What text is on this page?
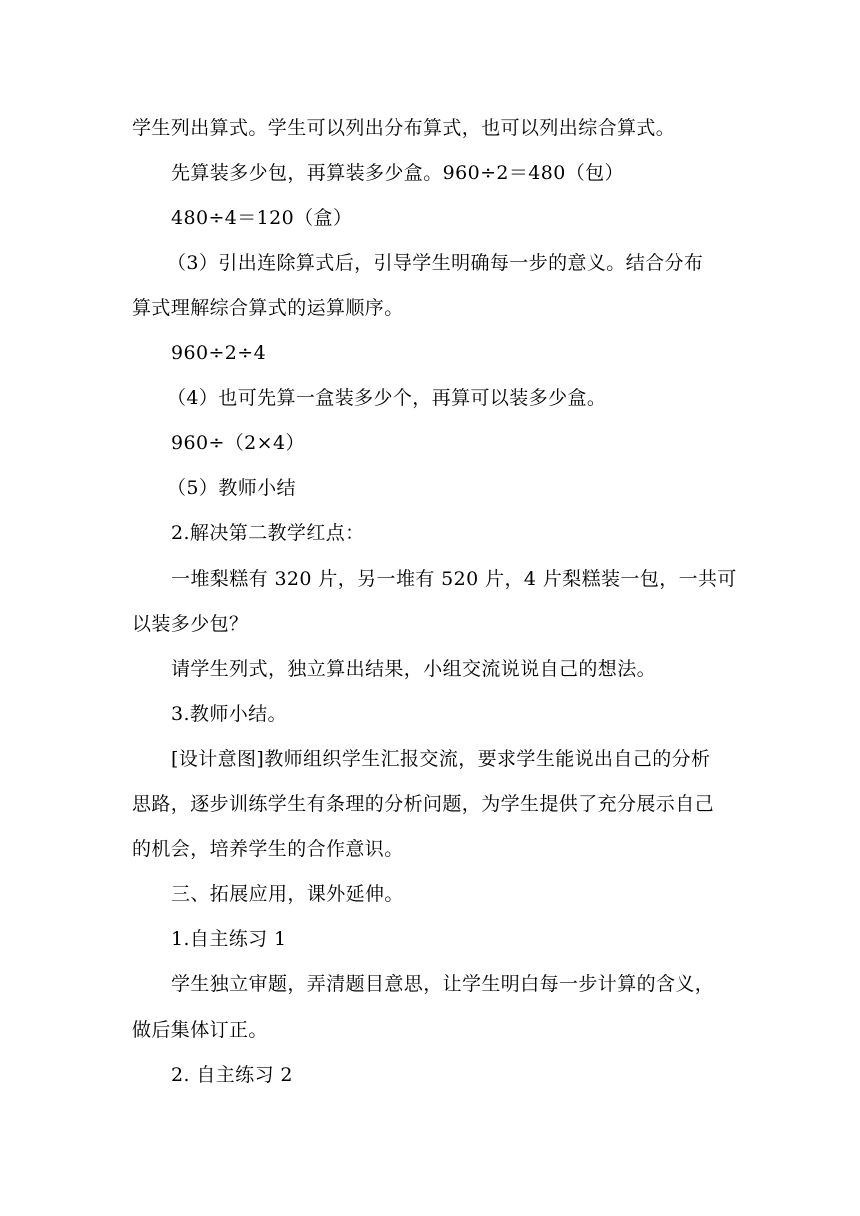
学生列出算式。学生可以列出分布算式，也可以列出综合算式。
先算装多少包，再算装多少盒。960÷2＝480（包）
480÷4＝120（盒）
（3）引出连除算式后，引导学生明确每一步的意义。结合分布
算式理解综合算式的运算顺序。
960÷2÷4
（4）也可先算一盒装多少个，再算可以装多少盒。
960÷（2×4）
（5）教师小结
2.解决第二教学红点：
一堆梨糕有 320 片，另一堆有 520 片，4 片梨糕装一包，一共可
以装多少包？
请学生列式，独立算出结果，小组交流说说自己的想法。
3.教师小结。
[设计意图]教师组织学生汇报交流，要求学生能说出自己的分析
思路，逐步训练学生有条理的分析问题，为学生提供了充分展示自己
的机会，培养学生的合作意识。
三、拓展应用，课外延伸。
1.自主练习 1
学生独立审题，弄清题目意思，让学生明白每一步计算的含义，
做后集体订正。
2. 自主练习 2
